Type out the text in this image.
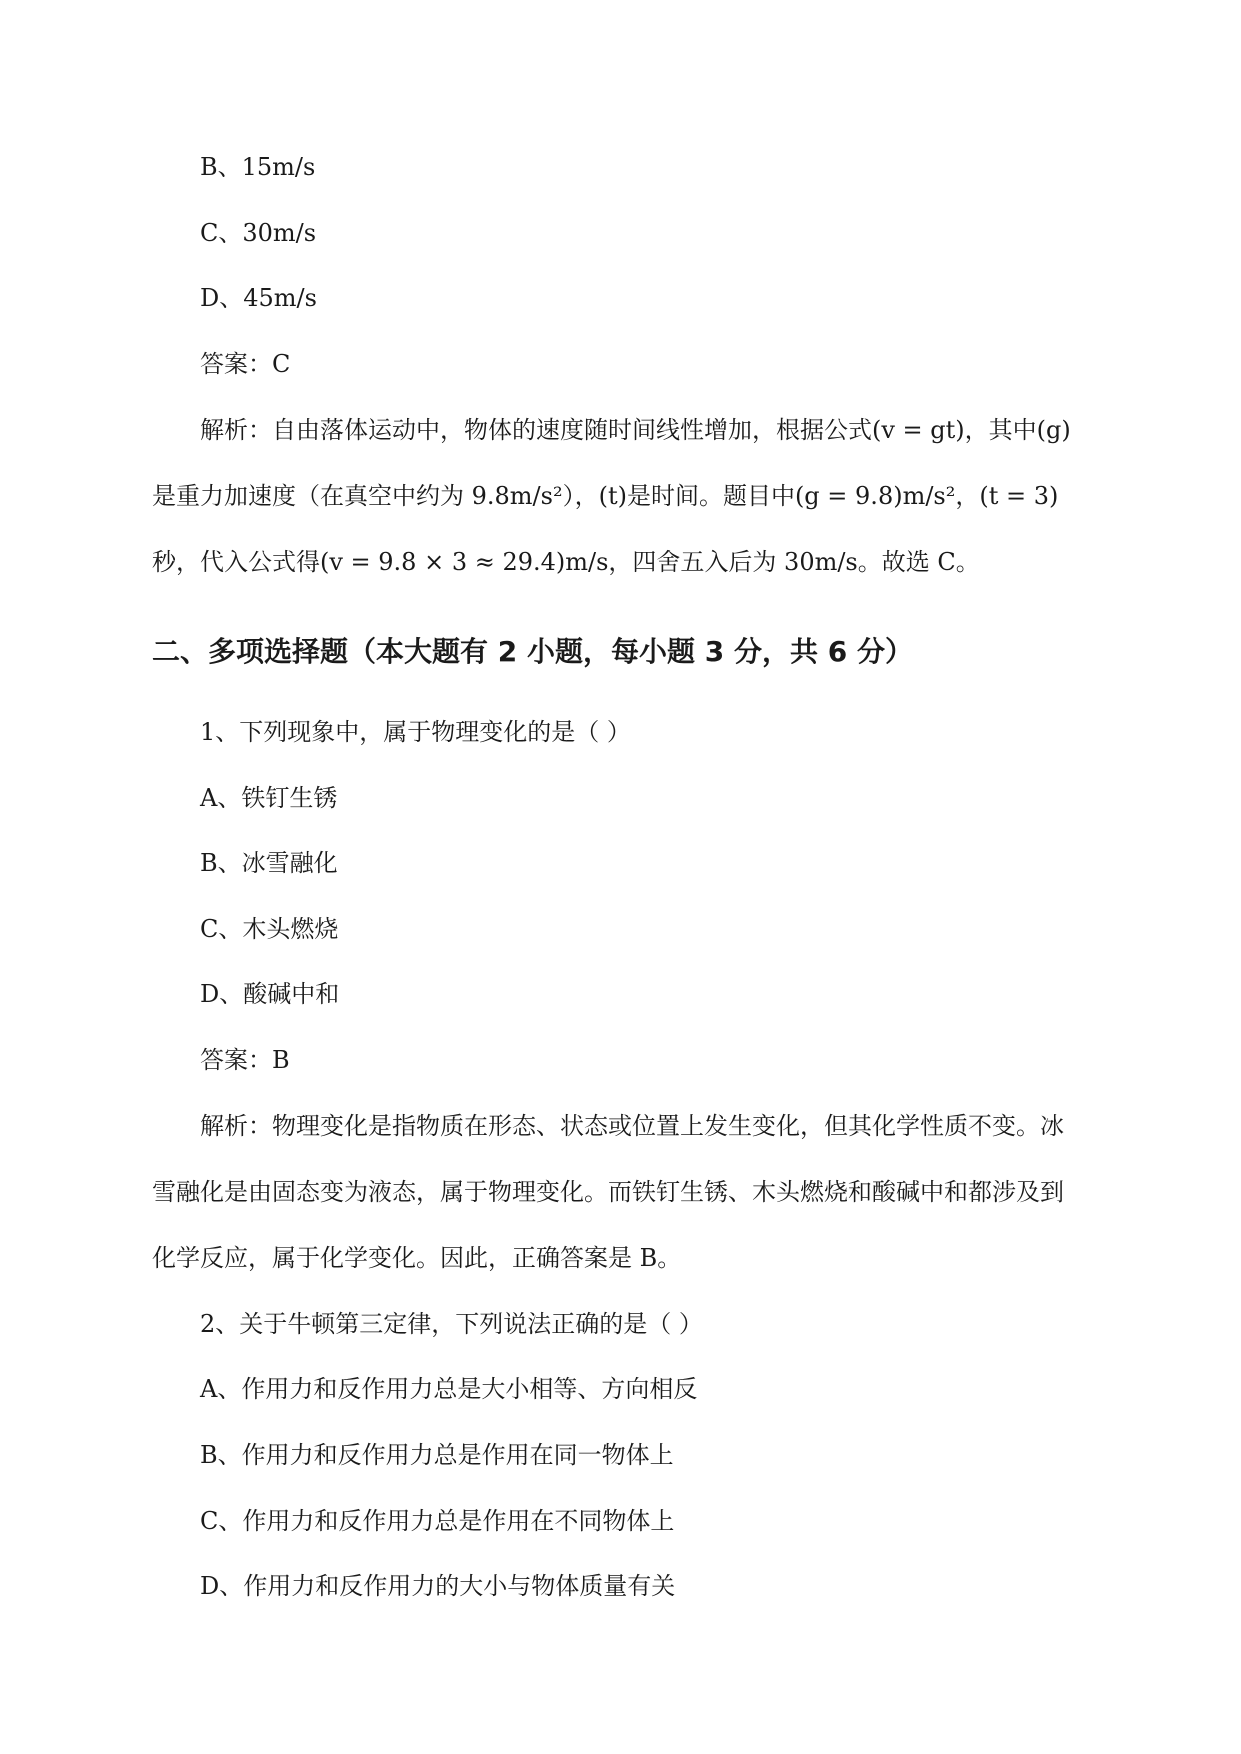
B、15m/s
C、30m/s
D、45m/s
答案：C
解析：自由落体运动中，物体的速度随时间线性增加，根据公式(v = gt)，其中(g)
是重力加速度（在真空中约为 9.8m/s²），(t)是时间。题目中(g = 9.8)m/s²，(t = 3)
秒，代入公式得(v = 9.8 × 3 ≈ 29.4)m/s，四舍五入后为 30m/s。故选 C。
二、多项选择题（本大题有 2 小题，每小题 3 分，共 6 分）
1、下列现象中，属于物理变化的是（ ）
A、铁钉生锈
B、冰雪融化
C、木头燃烧
D、酸碱中和
答案：B
解析：物理变化是指物质在形态、状态或位置上发生变化，但其化学性质不变。冰
雪融化是由固态变为液态，属于物理变化。而铁钉生锈、木头燃烧和酸碱中和都涉及到
化学反应，属于化学变化。因此，正确答案是 B。
2、关于牛顿第三定律，下列说法正确的是（ ）
A、作用力和反作用力总是大小相等、方向相反
B、作用力和反作用力总是作用在同一物体上
C、作用力和反作用力总是作用在不同物体上
D、作用力和反作用力的大小与物体质量有关
